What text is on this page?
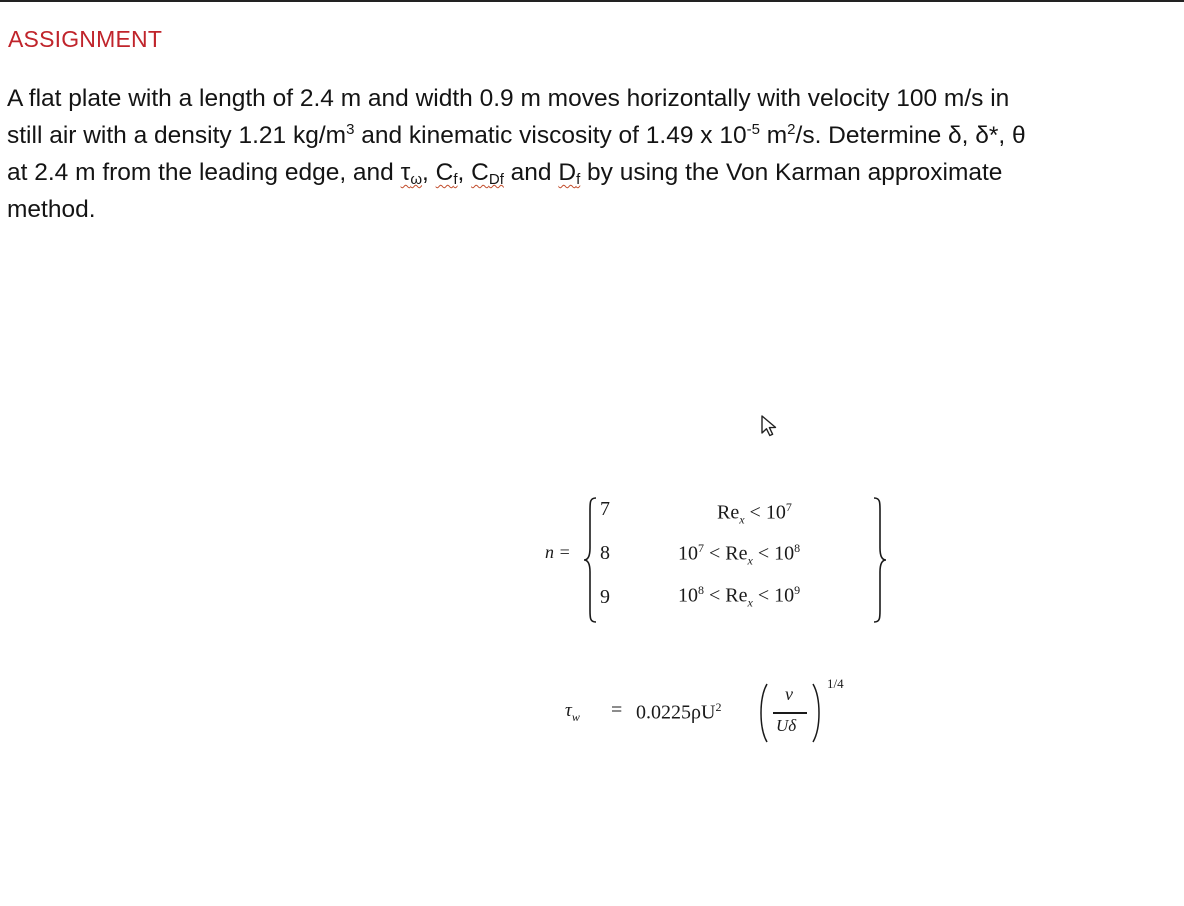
ASSIGNMENT
A flat plate with a length of 2.4 m and width 0.9 m moves horizontally with velocity 100 m/s in
still air with a density 1.21 $kg/m^3$ and kinematic viscosity of 1.49 x $10^{-5}$ $m^2/s$. Determine δ, δ*, θ
at 2.4 m from the leading edge, and $\tau_\omega$, $C_f$, $C_{Df}$ and $D_f$ by using the Von Karman approximate
method.
n =
7
8
9
$Re_x < 10^7$
$10^7 < Re_x < 10^8$
$10^8 < Re_x < 10^9$
$\tau_w = 0.0225\rho U^2$
ν
Uδ
1/4
